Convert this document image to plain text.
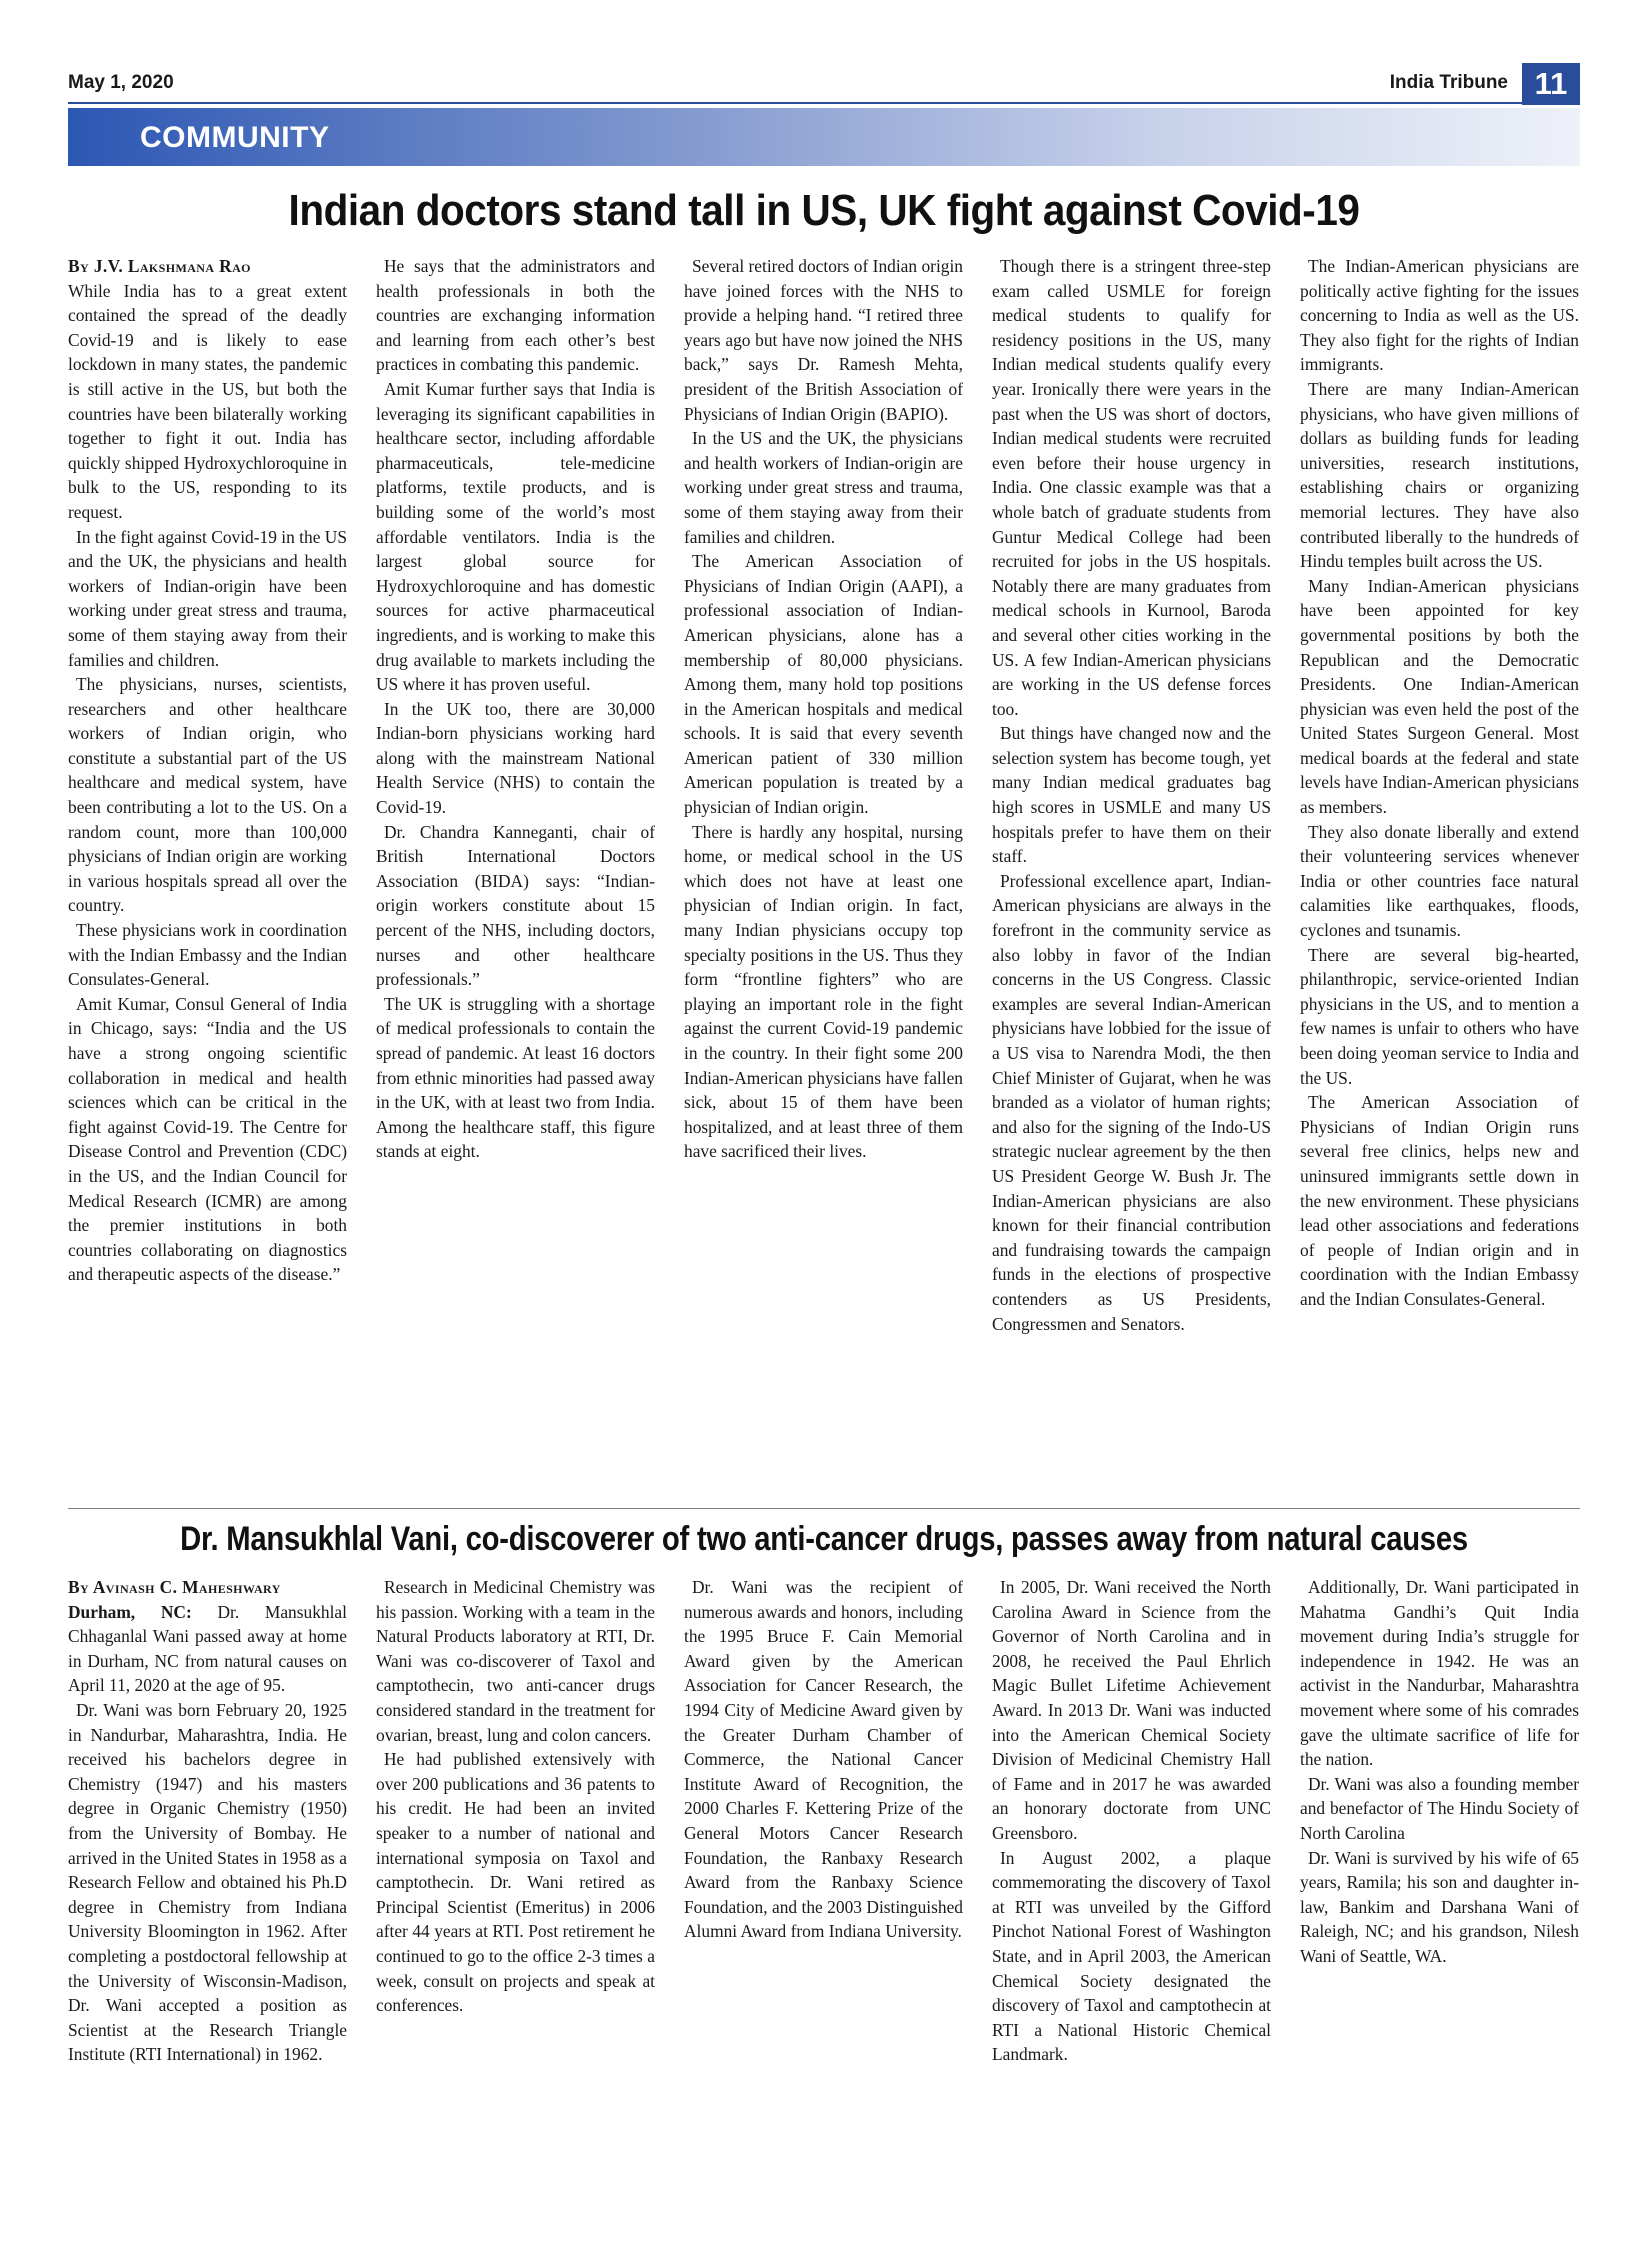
May 1, 2020	India Tribune 11
COMMUNITY
Indian doctors stand tall in US, UK fight against Covid-19
By J.V. Lakshmana Rao

While India has to a great extent contained the spread of the deadly Covid-19 and is likely to ease lockdown in many states, the pandemic is still active in the US, but both the countries have been bilaterally working together to fight it out. India has quickly shipped Hydroxychloroquine in bulk to the US, responding to its request.

In the fight against Covid-19 in the US and the UK, the physicians and health workers of Indian-origin have been working under great stress and trauma, some of them staying away from their families and children.

The physicians, nurses, scientists, researchers and other healthcare workers of Indian origin, who constitute a substantial part of the US healthcare and medical system, have been contributing a lot to the US. On a random count, more than 100,000 physicians of Indian origin are working in various hospitals spread all over the country.

These physicians work in coordination with the Indian Embassy and the Indian Consulates-General.

Amit Kumar, Consul General of India in Chicago, says: “India and the US have a strong ongoing scientific collaboration in medical and health sciences which can be critical in the fight against Covid-19. The Centre for Disease Control and Prevention (CDC) in the US, and the Indian Council for Medical Research (ICMR) are among the premier institutions in both countries collaborating on diagnostics and therapeutic aspects of the disease.”

He says that the administrators and health professionals in both the countries are exchanging information and learning from each other’s best practices in combating this pandemic.

Amit Kumar further says that India is leveraging its significant capabilities in healthcare sector, including affordable pharmaceuticals, tele-medicine platforms, textile products, and is building some of the world’s most affordable ventilators. India is the largest global source for Hydroxychloroquine and has domestic sources for active pharmaceutical ingredients, and is working to make this drug available to markets including the US where it has proven useful.

In the UK too, there are 30,000 Indian-born physicians working hard along with the mainstream National Health Service (NHS) to contain the Covid-19.

Dr. Chandra Kanneganti, chair of British International Doctors Association (BIDA) says: “Indian-origin workers constitute about 15 percent of the NHS, including doctors, nurses and other healthcare professionals.”

The UK is struggling with a shortage of medical professionals to contain the spread of pandemic. At least 16 doctors from ethnic minorities had passed away in the UK, with at least two from India. Among the healthcare staff, this figure stands at eight.

Several retired doctors of Indian origin have joined forces with the NHS to provide a helping hand. “I retired three years ago but have now joined the NHS back,” says Dr. Ramesh Mehta, president of the British Association of Physicians of Indian Origin (BAPIO).

In the US and the UK, the physicians and health workers of Indian-origin are working under great stress and trauma, some of them staying away from their families and children.

The American Association of Physicians of Indian Origin (AAPI), a professional association of Indian-American physicians, alone has a membership of 80,000 physicians. Among them, many hold top positions in the American hospitals and medical schools. It is said that every seventh American patient of 330 million American population is treated by a physician of Indian origin.

There is hardly any hospital, nursing home, or medical school in the US which does not have at least one physician of Indian origin. In fact, many Indian physicians occupy top specialty positions in the US. Thus they form “frontline fighters” who are playing an important role in the fight against the current Covid-19 pandemic in the country. In their fight some 200 Indian-American physicians have fallen sick, about 15 of them have been hospitalized, and at least three of them have sacrificed their lives.

Though there is a stringent three-step exam called USMLE for foreign medical students to qualify for residency positions in the US, many Indian medical students qualify every year. Ironically there were years in the past when the US was short of doctors, Indian medical students were recruited even before their house urgency in India. One classic example was that a whole batch of graduate students from Guntur Medical College had been recruited for jobs in the US hospitals. Notably there are many graduates from medical schools in Kurnool, Baroda and several other cities working in the US. A few Indian-American physicians are working in the US defense forces too.

But things have changed now and the selection system has become tough, yet many Indian medical graduates bag high scores in USMLE and many US hospitals prefer to have them on their staff.

Professional excellence apart, Indian-American physicians are always in the forefront in the community service as also lobby in favor of the Indian concerns in the US Congress. Classic examples are several Indian-American physicians have lobbied for the issue of a US visa to Narendra Modi, the then Chief Minister of Gujarat, when he was branded as a violator of human rights; and also for the signing of the Indo-US strategic nuclear agreement by the then US President George W. Bush Jr. The Indian-American physicians are also known for their financial contribution and fundraising towards the campaign funds in the elections of prospective contenders as US Presidents, Congressmen and Senators.

The Indian-American physicians are politically active fighting for the issues concerning to India as well as the US. They also fight for the rights of Indian immigrants.

There are many Indian-American physicians, who have given millions of dollars as building funds for leading universities, research institutions, establishing chairs or organizing memorial lectures. They have also contributed liberally to the hundreds of Hindu temples built across the US.

Many Indian-American physicians have been appointed for key governmental positions by both the Republican and the Democratic Presidents. One Indian-American physician was even held the post of the United States Surgeon General. Most medical boards at the federal and state levels have Indian-American physicians as members.

They also donate liberally and extend their volunteering services whenever India or other countries face natural calamities like earthquakes, floods, cyclones and tsunamis.

There are several big-hearted, philanthropic, service-oriented Indian physicians in the US, and to mention a few names is unfair to others who have been doing yeoman service to India and the US.

The American Association of Physicians of Indian Origin runs several free clinics, helps new and uninsured immigrants settle down in the new environment. These physicians lead other associations and federations of people of Indian origin and in coordination with the Indian Embassy and the Indian Consulates-General.

Dr. Mansukhlal Vani, co-discoverer of two anti-cancer drugs, passes away from natural causes
By Avinash C. Maheshwary

Durham, NC: Dr. Mansukhlal Chhaganlal Wani passed away at home in Durham, NC from natural causes on April 11, 2020 at the age of 95.

Dr. Wani was born February 20, 1925 in Nandurbar, Maharashtra, India. He received his bachelors degree in Chemistry (1947) and his masters degree in Organic Chemistry (1950) from the University of Bombay. He arrived in the United States in 1958 as a Research Fellow and obtained his Ph.D degree in Chemistry from Indiana University Bloomington in 1962. After completing a postdoctoral fellowship at the University of Wisconsin-Madison, Dr. Wani accepted a position as Scientist at the Research Triangle Institute (RTI International) in 1962.

Research in Medicinal Chemistry was his passion. Working with a team in the Natural Products laboratory at RTI, Dr. Wani was co-discoverer of Taxol and camptothecin, two anti-cancer drugs considered standard in the treatment for ovarian, breast, lung and colon cancers.

He had published extensively with over 200 publications and 36 patents to his credit. He had been an invited speaker to a number of national and international symposia on Taxol and camptothecin. Dr. Wani retired as Principal Scientist (Emeritus) in 2006 after 44 years at RTI. Post retirement he continued to go to the office 2-3 times a week, consult on projects and speak at conferences.

Dr. Wani was the recipient of numerous awards and honors, including the 1995 Bruce F. Cain Memorial Award given by the American Association for Cancer Research, the 1994 City of Medicine Award given by the Greater Durham Chamber of Commerce, the National Cancer Institute Award of Recognition, the 2000 Charles F. Kettering Prize of the General Motors Cancer Research Foundation, the Ranbaxy Research Award from the Ranbaxy Science Foundation, and the 2003 Distinguished Alumni Award from Indiana University.

In 2005, Dr. Wani received the North Carolina Award in Science from the Governor of North Carolina and in 2008, he received the Paul Ehrlich Magic Bullet Lifetime Achievement Award. In 2013 Dr. Wani was inducted into the American Chemical Society Division of Medicinal Chemistry Hall of Fame and in 2017 he was awarded an honorary doctorate from UNC Greensboro.

In August 2002, a plaque commemorating the discovery of Taxol at RTI was unveiled by the Gifford Pinchot National Forest of Washington State, and in April 2003, the American Chemical Society designated the discovery of Taxol and camptothecin at RTI a National Historic Chemical Landmark.

Additionally, Dr. Wani participated in Mahatma Gandhi’s Quit India movement during India’s struggle for independence in 1942. He was an activist in the Nandurbar, Maharashtra movement where some of his comrades gave the ultimate sacrifice of life for the nation.

Dr. Wani was also a founding member and benefactor of The Hindu Society of North Carolina

Dr. Wani is survived by his wife of 65 years, Ramila; his son and daughter in-law, Bankim and Darshana Wani of Raleigh, NC; and his grandson, Nilesh Wani of Seattle, WA.
